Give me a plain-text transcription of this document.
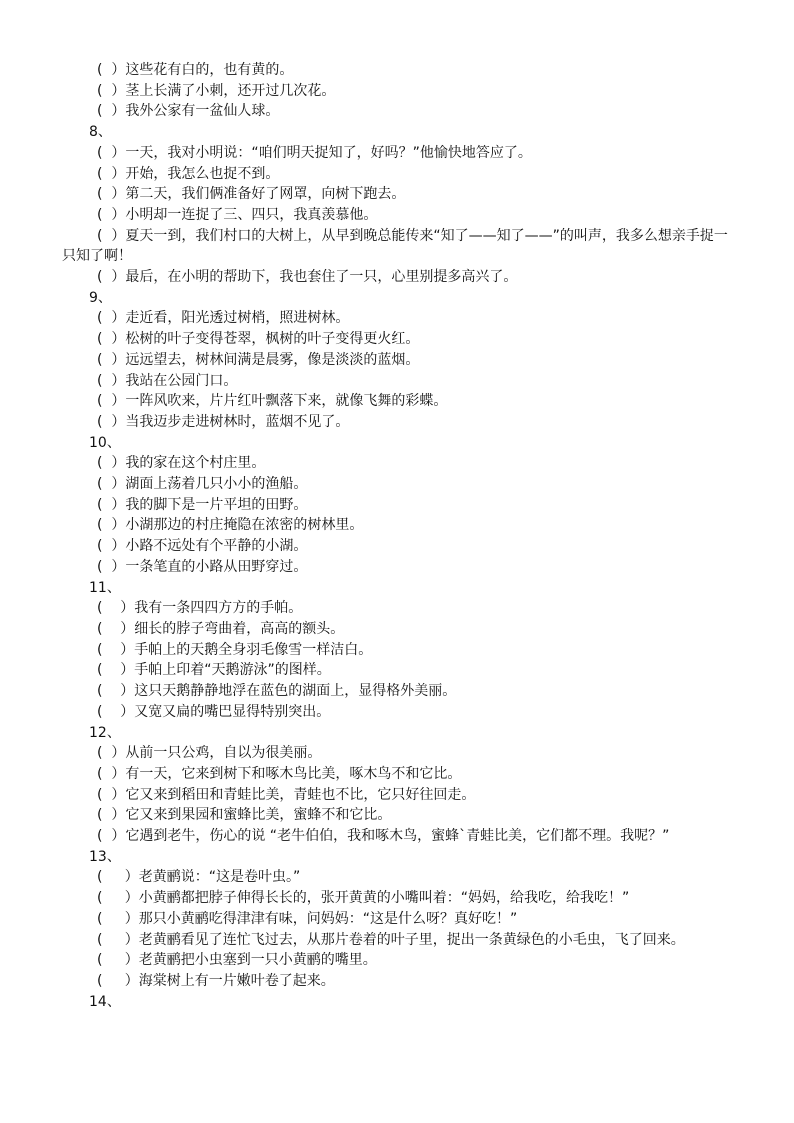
(  ）这些花有白的，也有黄的。

(  ）茎上长满了小刺，还开过几次花。

(  ）我外公家有一盆仙人球。

8、

(  ）一天，我对小明说：“咱们明天捉知了，好吗？”他愉快地答应了。

(  ）开始，我怎么也捉不到。

(  ）第二天，我们俩准备好了网罩，向树下跑去。

(  ）小明却一连捉了三、四只，我真羡慕他。

(  ）夏天一到，我们村口的大树上，从早到晚总能传来“知了——知了——”的叫声，我多么想亲手捉一只知了啊！

(  ）最后，在小明的帮助下，我也套住了一只，心里别提多高兴了。

9、

(  ）走近看，阳光透过树梢，照进树林。

(  ）松树的叶子变得苍翠，枫树的叶子变得更火红。

(  ）远远望去，树林间满是晨雾，像是淡淡的蓝烟。

(  ）我站在公园门口。

(  ）一阵风吹来，片片红叶飘落下来，就像飞舞的彩蝶。

(  ）当我迈步走进树林时，蓝烟不见了。

10、

(  ）我的家在这个村庄里。

(  ）湖面上荡着几只小小的渔船。

(  ）我的脚下是一片平坦的田野。

(  ）小湖那边的村庄掩隐在浓密的树林里。

(  ）小路不远处有个平静的小湖。

(  ）一条笔直的小路从田野穿过。

11、

(    ）我有一条四四方方的手帕。

(    ）细长的脖子弯曲着，高高的额头。

(    ）手帕上的天鹅全身羽毛像雪一样洁白。

(    ）手帕上印着“天鹅游泳”的图样。

(    ）这只天鹅静静地浮在蓝色的湖面上，显得格外美丽。

(    ）又宽又扁的嘴巴显得特别突出。

12、

(  ）从前一只公鸡，自以为很美丽。

(  ）有一天，它来到树下和啄木鸟比美，啄木鸟不和它比。

(  ）它又来到稻田和青蛙比美，青蛙也不比，它只好往回走。

(  ）它又来到果园和蜜蜂比美，蜜蜂不和它比。

(  ）它遇到老牛，伤心的说 “老牛伯伯，我和啄木鸟，蜜蜂`青蛙比美，它们都不理。我呢？”

13、

(     ）老黄鹂说：“这是卷叶虫。”

(     ）小黄鹂都把脖子伸得长长的，张开黄黄的小嘴叫着：“妈妈，给我吃，给我吃！”

(     ）那只小黄鹂吃得津津有味，问妈妈：“这是什么呀？真好吃！”

(     ）老黄鹂看见了连忙飞过去，从那片卷着的叶子里，捉出一条黄绿色的小毛虫，飞了回来。

(     ）老黄鹂把小虫塞到一只小黄鹂的嘴里。

(     ）海棠树上有一片嫩叶卷了起来。

14、
